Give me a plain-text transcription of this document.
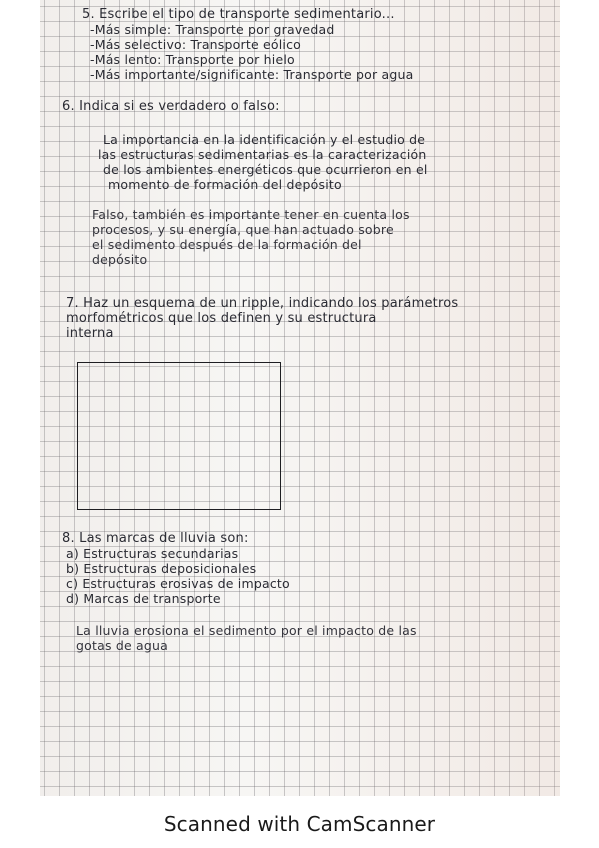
5. Escribe el tipo de transporte sedimentario...

-Más simple: Transporte por gravedad

-Más selectivo: Transporte eólico

-Más lento: Transporte por hielo

-Más importante/significante: Transporte por agua

6. Indica si es verdadero o falso:

La importancia en la identificación y el estudio de

las estructuras sedimentarias es la caracterización

de los ambientes energéticos que ocurrieron en el

momento de formación del depósito

Falso, también es importante tener en cuenta los

procesos, y su energía, que han actuado sobre

el sedimento después de la formación del

depósito

7. Haz un esquema de un ripple, indicando los parámetros

morfométricos que los definen y su estructura

interna

8. Las marcas de lluvia son:

a) Estructuras secundarias

b) Estructuras deposicionales

c) Estructuras erosivas de impacto

d) Marcas de transporte

La lluvia erosiona el sedimento por el impacto de las

gotas de agua

Scanned with CamScanner
